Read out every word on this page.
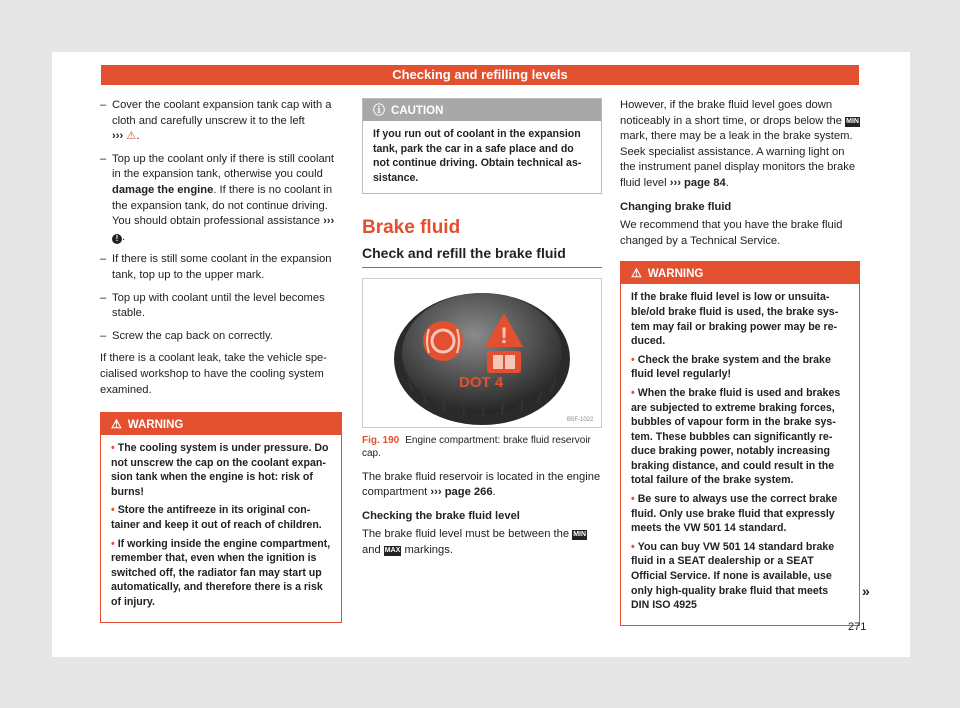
Checking and refilling levels
– Cover the coolant expansion tank cap with a cloth and carefully unscrew it to the left
››› ⚠.
– Top up the coolant only if there is still coolant in the expansion tank, otherwise you could damage the engine. If there is no coolant in the expansion tank, do not continue driving. You should obtain professional assistance ››› ! .
– If there is still some coolant in the expansion tank, top up to the upper mark.
– Top up with coolant until the level becomes stable.
– Screw the cap back on correctly.

If there is a coolant leak, take the vehicle specialised workshop to have the cooling system examined.

⚠ WARNING
• The cooling system is under pressure. Do not unscrew the cap on the coolant expansion tank when the engine is hot: risk of burns!
• Store the antifreeze in its original container and keep it out of reach of children.
• If working inside the engine compartment, remember that, even when the ignition is switched off, the radiator fan may start up automatically, and therefore there is a risk of injury.
ⓘ CAUTION
If you run out of coolant in the expansion tank, park the car in a safe place and do not continue driving. Obtain technical assistance.
Brake fluid
Check and refill the brake fluid
!
DOT 4
B5F-1022
Fig. 190 Engine compartment: brake fluid reservoir cap.

The brake fluid reservoir is located in the engine compartment ››› page 266.

Checking the brake fluid level

The brake fluid level must be between the MIN and MAX markings.

However, if the brake fluid level goes down noticeably in a short time, or drops below the MIN mark, there may be a leak in the brake system. Seek specialist assistance. A warning light on the instrument panel display monitors the brake fluid level ››› page 84.

Changing brake fluid

We recommend that you have the brake fluid changed by a Technical Service.

⚠ WARNING
If the brake fluid level is low or unsuitable/old brake fluid is used, the brake system may fail or braking power may be reduced.
• Check the brake system and the brake fluid level regularly!
• When the brake fluid is used and brakes are subjected to extreme braking forces, bubbles of vapour form in the brake system. These bubbles can significantly reduce braking power, notably increasing braking distance, and could result in the total failure of the brake system.
• Be sure to always use the correct brake fluid. Only use brake fluid that expressly meets the VW 501 14 standard.
• You can buy VW 501 14 standard brake fluid in a SEAT dealership or a SEAT Official Service. If none is available, use only high-quality brake fluid that meets DIN ISO 4925
»
271
